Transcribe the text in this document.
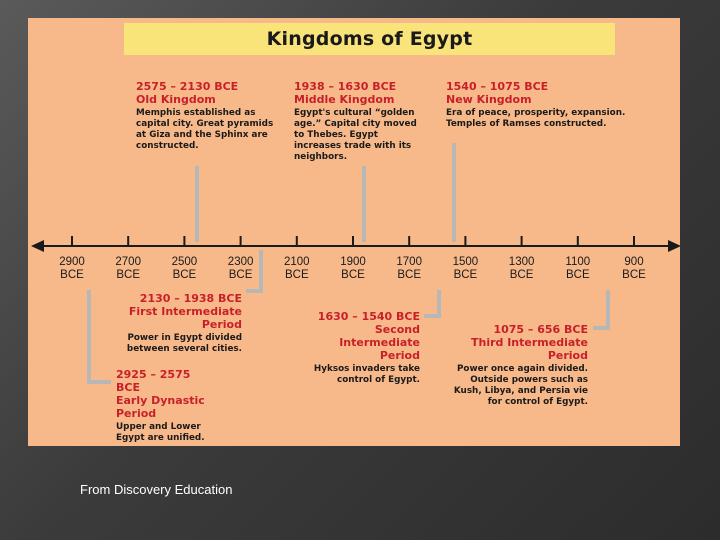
Kingdoms of Egypt
2900
BCE
2700
BCE
2500
BCE
2300
BCE
2100
BCE
1900
BCE
1700
BCE
1500
BCE
1300
BCE
1100
BCE
900
BCE
2575 – 2130 BCE
Old Kingdom
Memphis established as capital city. Great pyramids at Giza and the Sphinx are constructed.
1938 – 1630 BCE
Middle Kingdom
Egypt's cultural “golden age.” Capital city moved to Thebes. Egypt increases trade with its neighbors.
1540 – 1075 BCE
New Kingdom
Era of peace, prosperity, expansion. Temples of Ramses constructed.
2130 – 1938 BCE
First Intermediate Period
Power in Egypt divided between several cities.
2925 – 2575 BCE
Early Dynastic Period
Upper and Lower Egypt are unified.
1630 – 1540 BCE
Second Intermediate Period
Hyksos invaders take control of Egypt.
1075 – 656 BCE
Third Intermediate Period
Power once again divided. Outside powers such as Kush, Libya, and Persia vie for control of Egypt.
From Discovery Education
